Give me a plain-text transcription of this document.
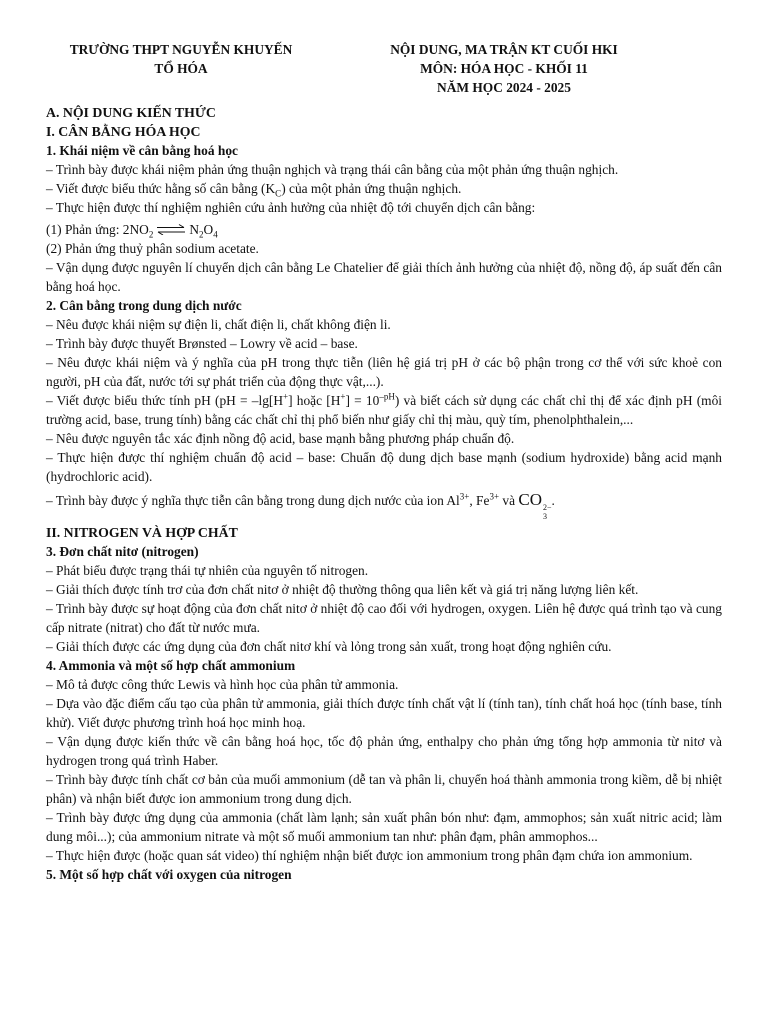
TRƯỜNG THPT NGUYỄN KHUYẾN
TỔ HÓA
NỘI DUNG, MA TRẬN KT CUỐI HKI
MÔN: HÓA HỌC - KHỐI 11
NĂM HỌC 2024 - 2025

A. NỘI DUNG KIẾN THỨC

I. CÂN BẰNG HÓA HỌC

1. Khái niệm về cân bằng hoá học

– Trình bày được khái niệm phản ứng thuận nghịch và trạng thái cân bằng của một phản ứng thuận nghịch.

– Viết được biểu thức hằng số cân bằng $(K_C)$ của một phản ứng thuận nghịch.

– Thực hiện được thí nghiệm nghiên cứu ảnh hưởng của nhiệt độ tới chuyển dịch cân bằng:

(1) Phản ứng: $2NO_2$ ⇌ $N_2O_4$

(2) Phản ứng thuỷ phân sodium acetate.

– Vận dụng được nguyên lí chuyển dịch cân bằng Le Chatelier để giải thích ảnh hưởng của nhiệt độ, nồng độ, áp suất đến cân bằng hoá học.

2. Cân bằng trong dung dịch nước

– Nêu được khái niệm sự điện li, chất điện li, chất không điện li.

– Trình bày được thuyết Brønsted – Lowry về acid – base.

– Nêu được khái niệm và ý nghĩa của pH trong thực tiễn (liên hệ giá trị pH ở các bộ phận trong cơ thể với sức khoẻ con người, pH của đất, nước tới sự phát triển của động thực vật,...).

– Viết được biểu thức tính pH (pH = –lg[H+] hoặc $[H^+] = 10^{-pH}$) và biết cách sử dụng các chất chỉ thị để xác định pH (môi trường acid, base, trung tính) bằng các chất chỉ thị phổ biến như giấy chỉ thị màu, quỳ tím, phenolphthalein,...

– Nêu được nguyên tắc xác định nồng độ acid, base mạnh bằng phương pháp chuẩn độ.

– Thực hiện được thí nghiệm chuẩn độ acid – base: Chuẩn độ dung dịch base mạnh (sodium hydroxide) bằng acid mạnh (hydrochloric acid).

– Trình bày được ý nghĩa thực tiễn cân bằng trong dung dịch nước của ion $Al^{3+}$, $Fe^{3+}$ và CO 2−
3
.

II. NITROGEN VÀ HỢP CHẤT

3. Đơn chất nitơ (nitrogen)

– Phát biểu được trạng thái tự nhiên của nguyên tố nitrogen.

– Giải thích được tính trơ của đơn chất nitơ ở nhiệt độ thường thông qua liên kết và giá trị năng lượng liên kết.

– Trình bày được sự hoạt động của đơn chất nitơ ở nhiệt độ cao đối với hydrogen, oxygen. Liên hệ được quá trình tạo và cung cấp nitrate (nitrat) cho đất từ nước mưa.

– Giải thích được các ứng dụng của đơn chất nitơ khí và lỏng trong sản xuất, trong hoạt động nghiên cứu.

4. Ammonia và một số hợp chất ammonium

– Mô tả được công thức Lewis và hình học của phân tử ammonia.

– Dựa vào đặc điểm cấu tạo của phân tử ammonia, giải thích được tính chất vật lí (tính tan), tính chất hoá học (tính base, tính khử). Viết được phương trình hoá học minh hoạ.

– Vận dụng được kiến thức về cân bằng hoá học, tốc độ phản ứng, enthalpy cho phản ứng tổng hợp ammonia từ nitơ và hydrogen trong quá trình Haber.

– Trình bày được tính chất cơ bản của muối ammonium (dễ tan và phân li, chuyển hoá thành ammonia trong kiềm, dễ bị nhiệt phân) và nhận biết được ion ammonium trong dung dịch.

– Trình bày được ứng dụng của ammonia (chất làm lạnh; sản xuất phân bón như: đạm, ammophos; sản xuất nitric acid; làm dung môi...); của ammonium nitrate và một số muối ammonium tan như: phân đạm, phân ammophos...

– Thực hiện được (hoặc quan sát video) thí nghiệm nhận biết được ion ammonium trong phân đạm chứa ion ammonium.

5. Một số hợp chất với oxygen của nitrogen
